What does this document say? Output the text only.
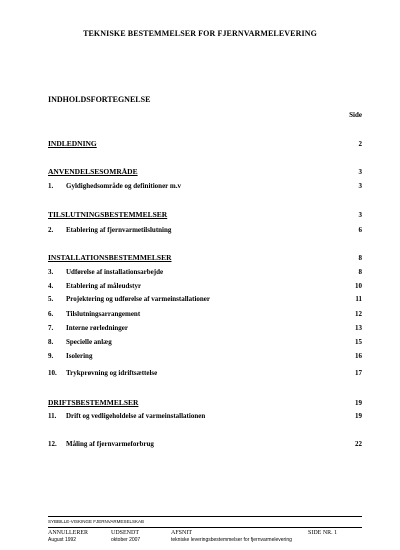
TEKNISKE BESTEMMELSER FOR FJERNVARMELEVERING
INDHOLDSFORTEGNELSE
Side
INDLEDNING	2
ANVENDELSESOMRÅDE	3
1. Gyldighedsområde og definitioner m.v	3
TILSLUTNINGSBESTEMMELSER	3
2. Etablering af fjernvarmetilslutning	6
INSTALLATIONSBESTEMMELSER	8
3. Udførelse af installationsarbejde	8
4. Etablering af måleudstyr	10
5. Projektering og udførelse af varmeinstallationer	11
6. Tilslutningsarrangement	12
7. Interne rørledninger	13
8. Specielle anlæg	15
9. Isolering	16
10. Trykprøvning og idriftsættelse	17
DRIFTSBESTEMMELSER	19
11. Drift og vedligeholdelse af varmeinstallationen	19
12. Måling af fjernvarmeforbrug	22
SYBBILLE-VISKINGE FJERNVARMESELSKAB
ANNULLERER
August 1992
UDSENDT
oktober 2007
AFSNIT
tekniske leveringsbestemmelser for fjernvarmelevering
SIDE NR. 1
